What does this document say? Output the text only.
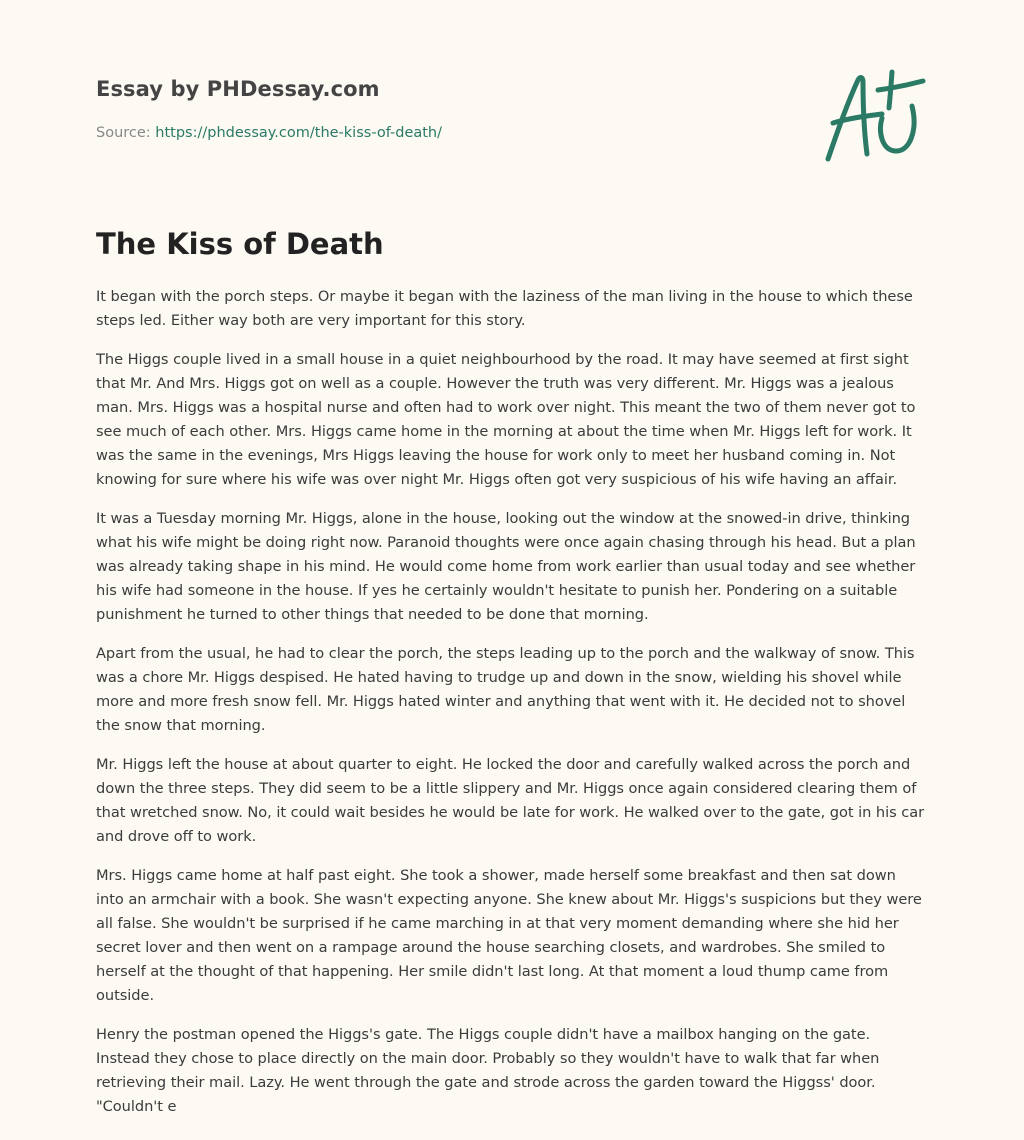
Essay by PHDessay.com
Source: https://phdessay.com/the-kiss-of-death/
The Kiss of Death

It began with the porch steps. Or maybe it began with the laziness of the man living in the house to which these steps led. Either way both are very important for this story.

The Higgs couple lived in a small house in a quiet neighbourhood by the road. It may have seemed at first sight that Mr. And Mrs. Higgs got on well as a couple. However the truth was very different. Mr. Higgs was a jealous man. Mrs. Higgs was a hospital nurse and often had to work over night. This meant the two of them never got to see much of each other. Mrs. Higgs came home in the morning at about the time when Mr. Higgs left for work. It was the same in the evenings, Mrs Higgs leaving the house for work only to meet her husband coming in. Not knowing for sure where his wife was over night Mr. Higgs often got very suspicious of his wife having an affair.

It was a Tuesday morning Mr. Higgs, alone in the house, looking out the window at the snowed-in drive, thinking what his wife might be doing right now. Paranoid thoughts were once again chasing through his head. But a plan was already taking shape in his mind. He would come home from work earlier than usual today and see whether his wife had someone in the house. If yes he certainly wouldn't hesitate to punish her. Pondering on a suitable punishment he turned to other things that needed to be done that morning.

Apart from the usual, he had to clear the porch, the steps leading up to the porch and the walkway of snow. This was a chore Mr. Higgs despised. He hated having to trudge up and down in the snow, wielding his shovel while more and more fresh snow fell. Mr. Higgs hated winter and anything that went with it. He decided not to shovel the snow that morning.

Mr. Higgs left the house at about quarter to eight. He locked the door and carefully walked across the porch and down the three steps. They did seem to be a little slippery and Mr. Higgs once again considered clearing them of that wretched snow. No, it could wait besides he would be late for work. He walked over to the gate, got in his car and drove off to work.

Mrs. Higgs came home at half past eight. She took a shower, made herself some breakfast and then sat down into an armchair with a book. She wasn't expecting anyone. She knew about Mr. Higgs's suspicions but they were all false. She wouldn't be surprised if he came marching in at that very moment demanding where she hid her secret lover and then went on a rampage around the house searching closets, and wardrobes. She smiled to herself at the thought of that happening. Her smile didn't last long. At that moment a loud thump came from outside.

Henry the postman opened the Higgs's gate. The Higgs couple didn't have a mailbox hanging on the gate. Instead they chose to place directly on the main door. Probably so they wouldn't have to walk that far when retrieving their mail. Lazy. He went through the gate and strode across the garden toward the Higgss' door. "Couldn't e
